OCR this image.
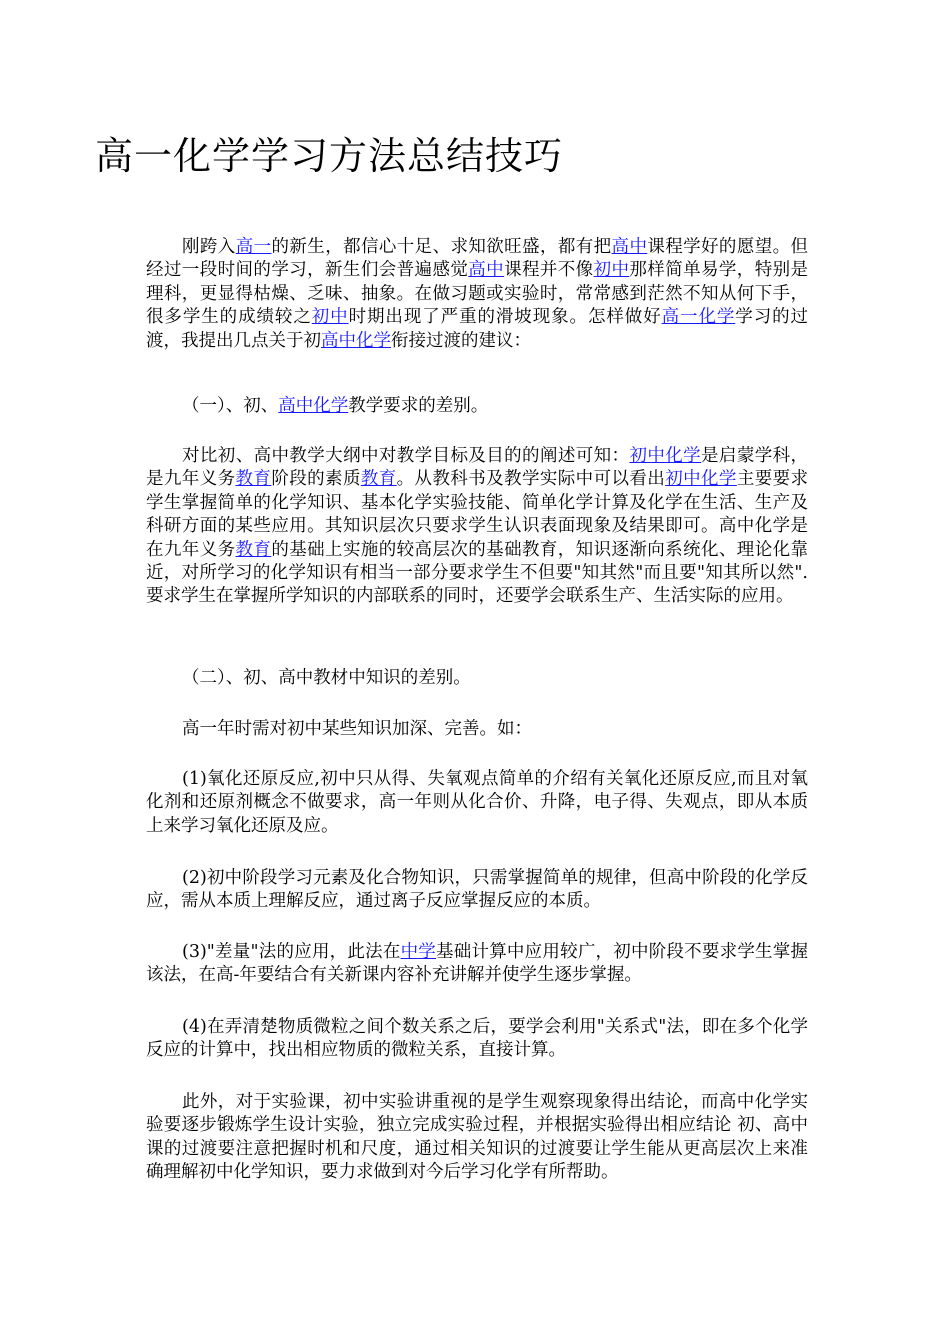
高一化学学习方法总结技巧

刚跨入高一的新生，都信心十足、求知欲旺盛，都有把高中课程学好的愿望。但经过一段时间的学习，新生们会普遍感觉高中课程并不像初中那样简单易学，特别是理科，更显得枯燥、乏味、抽象。在做习题或实验时，常常感到茫然不知从何下手，很多学生的成绩较之初中时期出现了严重的滑坡现象。怎样做好高一化学学习的过渡，我提出几点关于初高中化学衔接过渡的建议：

（一）、初、高中化学教学要求的差别。

对比初、高中教学大纲中对教学目标及目的的阐述可知：初中化学是启蒙学科，是九年义务教育阶段的素质教育。从教科书及教学实际中可以看出初中化学主要要求学生掌握简单的化学知识、基本化学实验技能、简单化学计算及化学在生活、生产及科研方面的某些应用。其知识层次只要求学生认识表面现象及结果即可。高中化学是在九年义务教育的基础上实施的较高层次的基础教育，知识逐渐向系统化、理论化靠近，对所学习的化学知识有相当一部分要求学生不但要"知其然"而且要"知其所以然".要求学生在掌握所学知识的内部联系的同时，还要学会联系生产、生活实际的应用。

（二）、初、高中教材中知识的差别。

高一年时需对初中某些知识加深、完善。如：

(1)氧化还原反应,初中只从得、失氧观点简单的介绍有关氧化还原反应,而且对氧化剂和还原剂概念不做要求，高一年则从化合价、升降，电子得、失观点，即从本质上来学习氧化还原及应。

(2)初中阶段学习元素及化合物知识，只需掌握简单的规律，但高中阶段的化学反应，需从本质上理解反应，通过离子反应掌握反应的本质。

(3)"差量"法的应用，此法在中学基础计算中应用较广，初中阶段不要求学生掌握该法，在高-年要结合有关新课内容补充讲解并使学生逐步掌握。

(4)在弄清楚物质微粒之间个数关系之后，要学会利用"关系式"法，即在多个化学反应的计算中，找出相应物质的微粒关系，直接计算。

此外，对于实验课，初中实验讲重视的是学生观察现象得出结论，而高中化学实验要逐步锻炼学生设计实验，独立完成实验过程，并根据实验得出相应结论 初、高中课的过渡要注意把握时机和尺度，通过相关知识的过渡要让学生能从更高层次上来准确理解初中化学知识，要力求做到对今后学习化学有所帮助。
